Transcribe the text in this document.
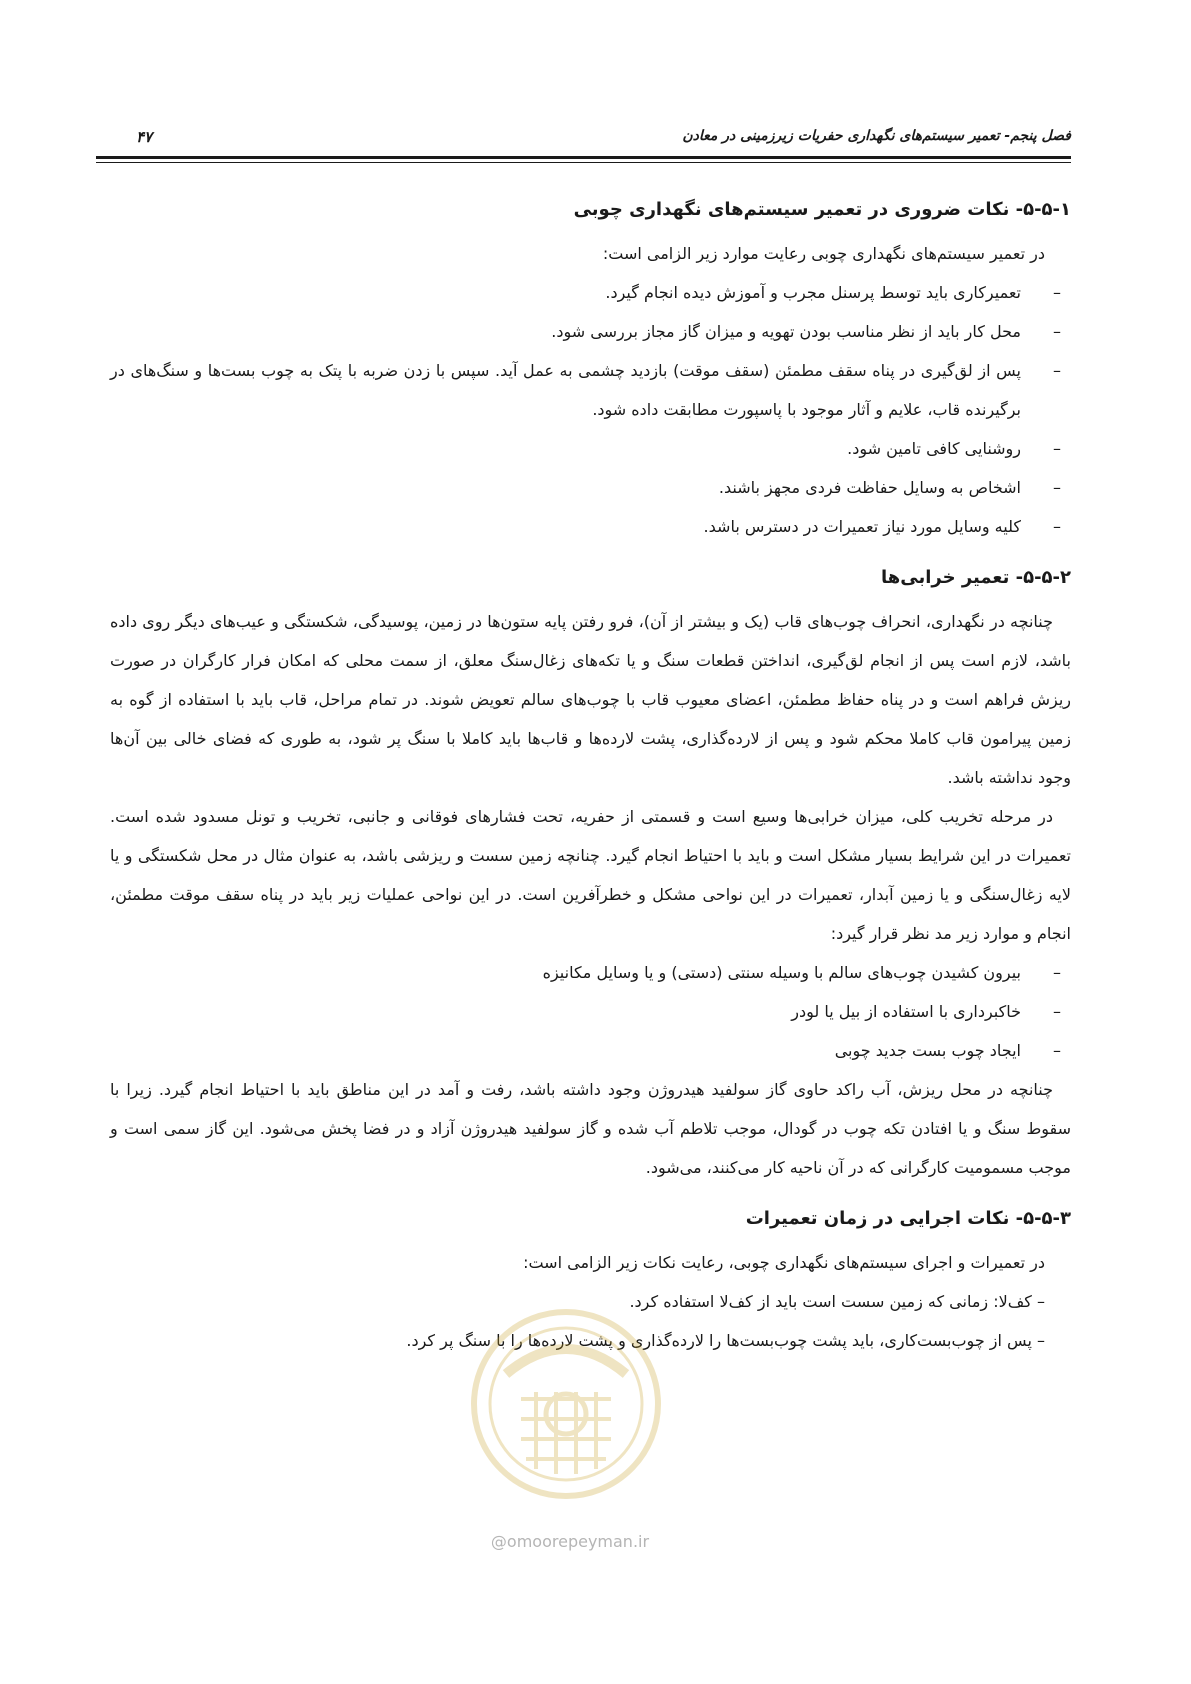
فصل پنجم- تعمیر سیستم‌های نگهداری حفریات زیرزمینی در معادن
۴۷
۵-۵-۱- نکات ضروری در تعمیر سیستم‌های نگهداری چوبی

در تعمیر سیستم‌های نگهداری چوبی رعایت موارد زیر الزامی است:

–
تعمیرکاری باید توسط پرسنل مجرب و آموزش دیده انجام گیرد.
–
محل کار باید از نظر مناسب بودن تهویه و میزان گاز مجاز بررسی شود.
–
پس از لق‌گیری در پناه سقف مطمئن (سقف موقت) بازدید چشمی به عمل آید. سپس با زدن ضربه با پتک به چوب بست‌ها و سنگ‌های در برگیرنده قاب، علایم و آثار موجود با پاسپورت مطابقت داده شود.
–
روشنایی کافی تامین شود.
–
اشخاص به وسایل حفاظت فردی مجهز باشند.
–
کلیه وسایل مورد نیاز تعمیرات در دسترس باشد.
۵-۵-۲- تعمیر خرابی‌ها

چنانچه در نگهداری، انحراف چوب‌های قاب (یک و بیشتر از آن)، فرو رفتن پایه ستون‌ها در زمین، پوسیدگی، شکستگی و عیب‌های دیگر روی داده باشد، لازم است پس از انجام لق‌گیری، انداختن قطعات سنگ و یا تکه‌های زغال‌سنگ معلق، از سمت محلی که امکان فرار کارگران در صورت ریزش فراهم است و در پناه حفاظ مطمئن، اعضای معیوب قاب با چوب‌های سالم تعویض شوند. در تمام مراحل، قاب باید با استفاده از گوه به زمین پیرامون قاب کاملا محکم شود و پس از لارده‌گذاری، پشت لارده‌ها و قاب‌ها باید کاملا با سنگ پر شود، به طوری که فضای خالی بین آن‌ها وجود نداشته باشد.

در مرحله تخریب کلی، میزان خرابی‌ها وسیع است و قسمتی از حفریه، تحت فشارهای فوقانی و جانبی، تخریب و تونل مسدود شده است. تعمیرات در این شرایط بسیار مشکل است و باید با احتیاط انجام گیرد. چنانچه زمین سست و ریزشی باشد، به عنوان مثال در محل شکستگی و یا لایه زغال‌سنگی و یا زمین آبدار، تعمیرات در این نواحی مشکل و خطرآفرین است. در این نواحی عملیات زیر باید در پناه سقف موقت مطمئن، انجام و موارد زیر مد نظر قرار گیرد:

–
بیرون کشیدن چوب‌های سالم با وسیله سنتی (دستی) و یا وسایل مکانیزه
–
خاکبرداری با استفاده از بیل یا لودر
–
ایجاد چوب بست جدید چوبی

چنانچه در محل ریزش، آب راکد حاوی گاز سولفید هیدروژن وجود داشته باشد، رفت و آمد در این مناطق باید با احتیاط انجام گیرد. زیرا با سقوط سنگ و یا افتادن تکه چوب در گودال، موجب تلاطم آب شده و گاز سولفید هیدروژن آزاد و در فضا پخش می‌شود. این گاز سمی است و موجب مسمومیت کارگرانی که در آن ناحیه کار می‌کنند، می‌شود.

۵-۵-۳- نکات اجرایی در زمان تعمیرات

در تعمیرات و اجرای سیستم‌های نگهداری چوبی، رعایت نکات زیر الزامی است:

– کف‌لا: زمانی که زمین سست است باید از کف‌لا استفاده کرد.

– پس از چوب‌بست‌کاری، باید پشت چوب‌بست‌ها را لارده‌گذاری و پشت لارده‌ها را با سنگ پر کرد.

@omoorepeyman.ir
